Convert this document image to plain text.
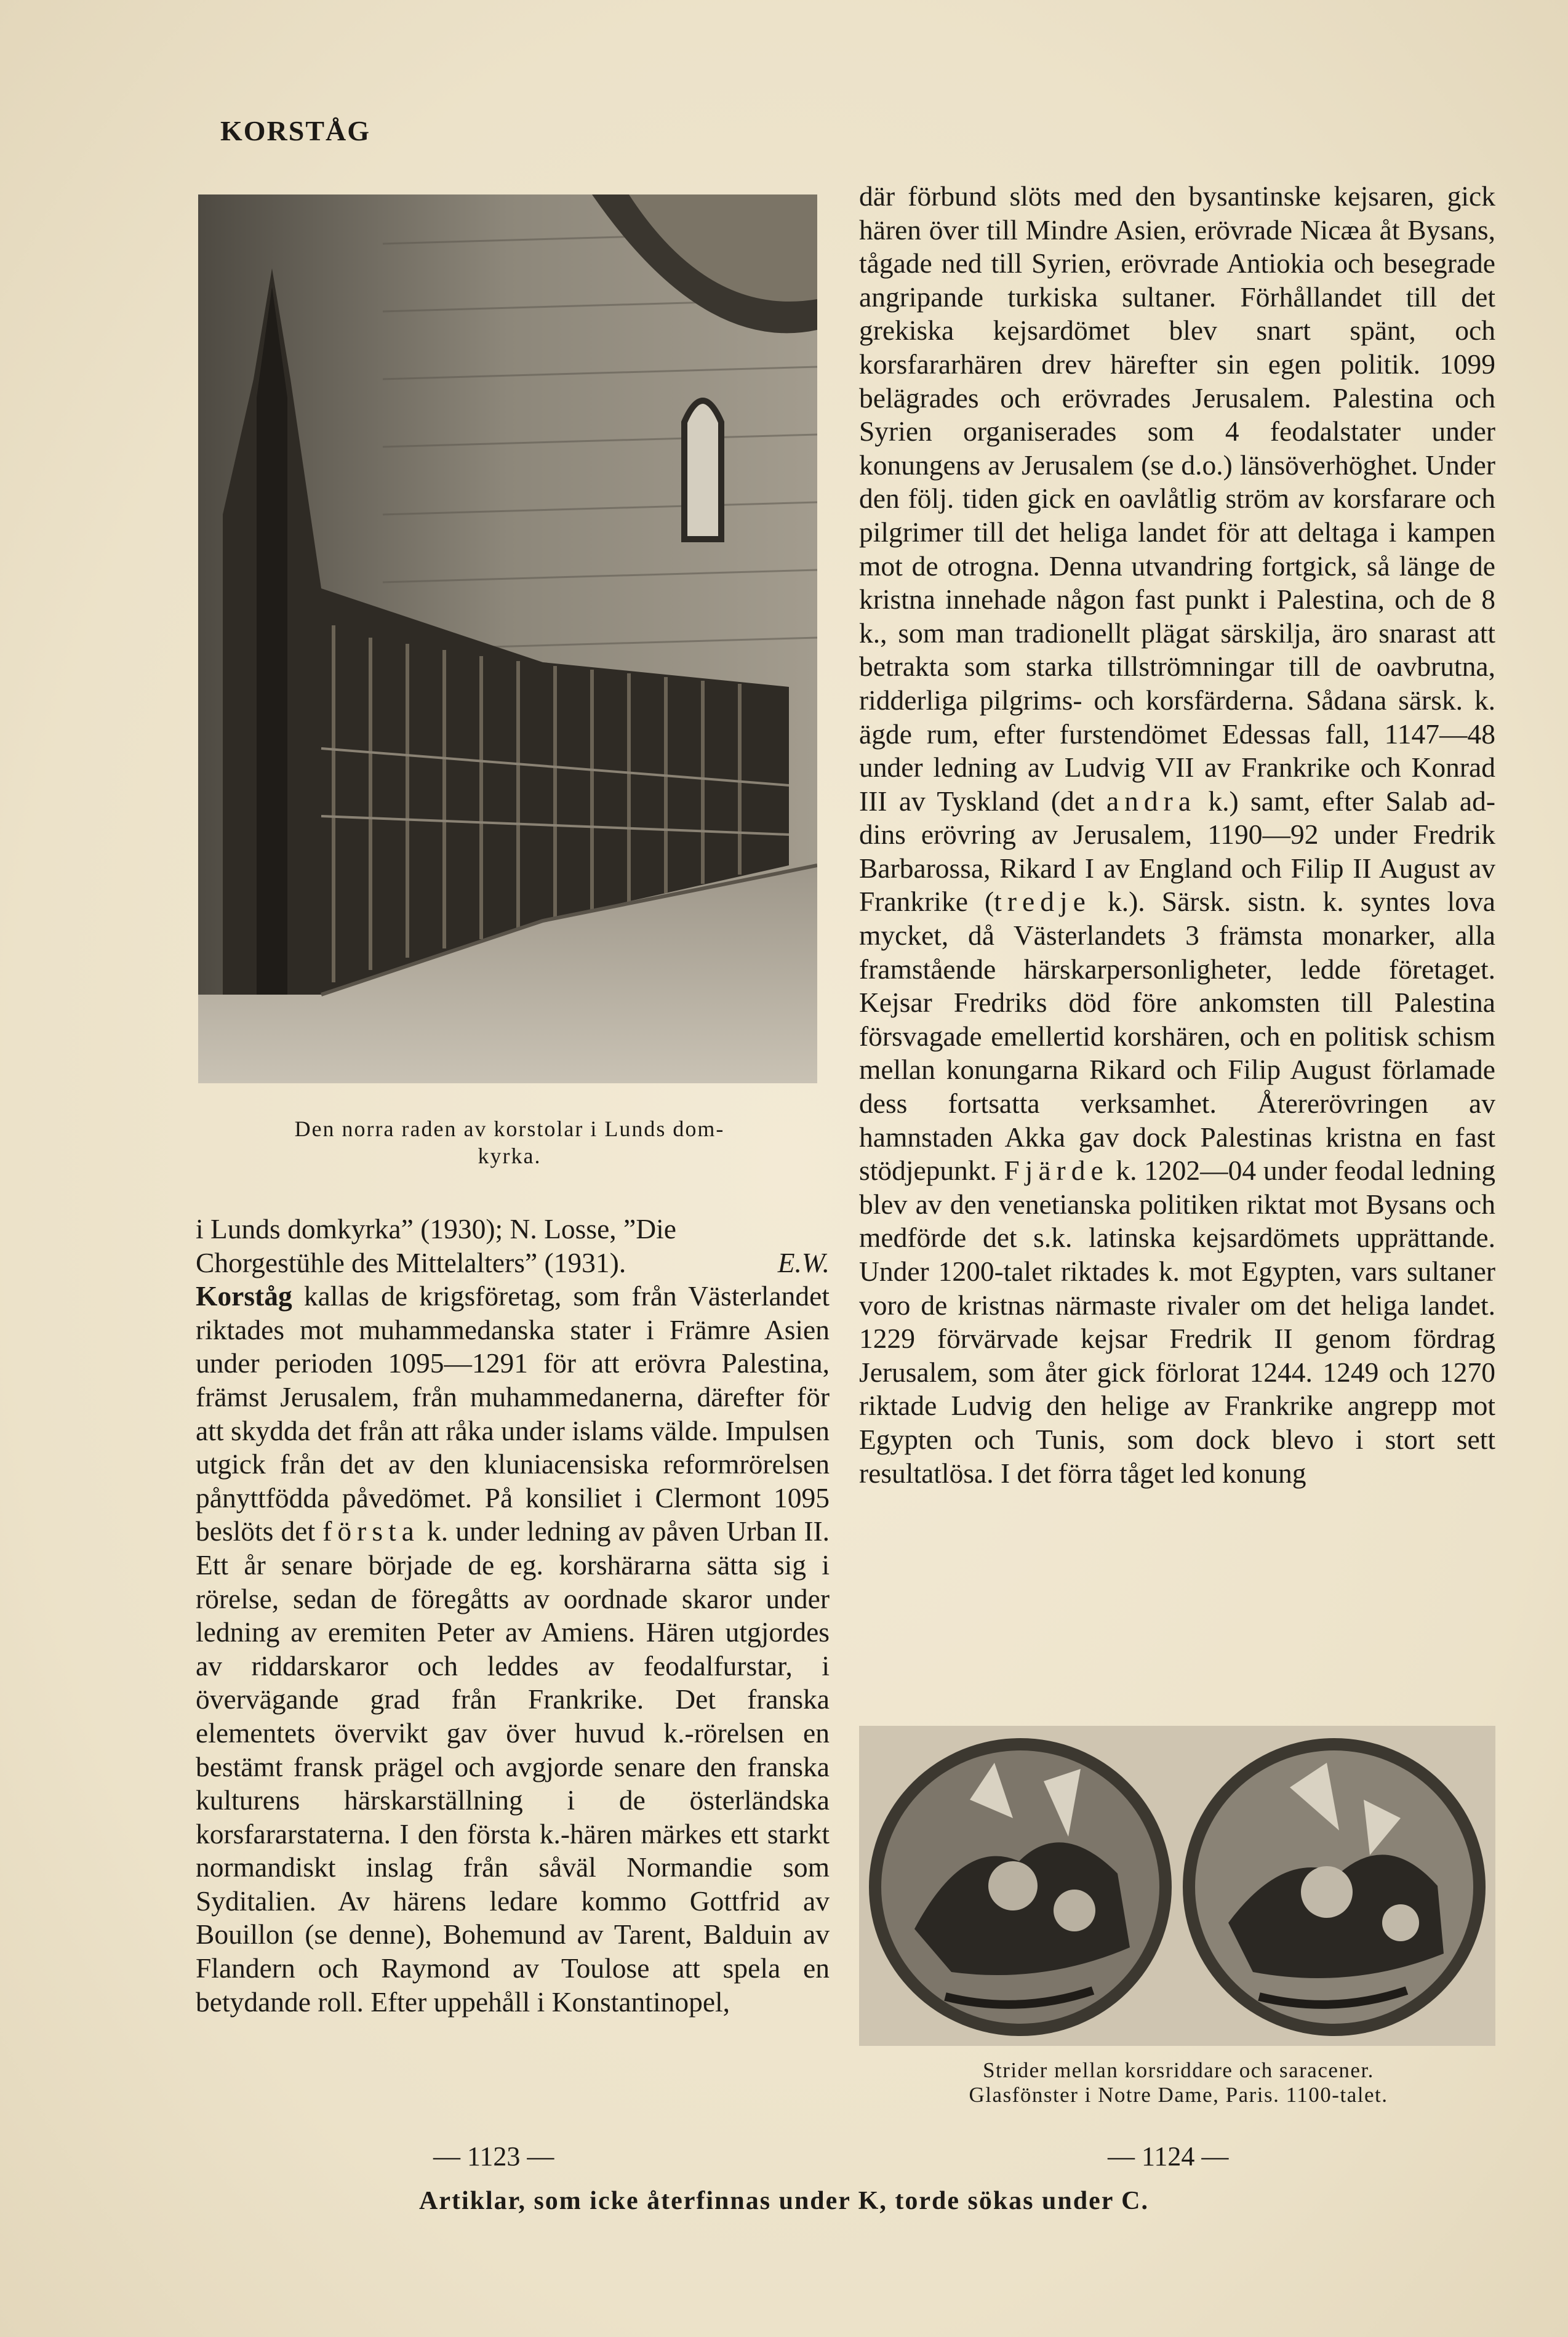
KORSTÅG
Den norra raden av korstolar i Lunds dom-
kyrka.

i Lunds domkyrka” (1930); N. Losse, ”Die

Chorgestühle des Mittelalters” (1931).	E.W.

Korståg kallas de krigsföretag, som från Västerlandet riktades mot muhammedanska stater i Främre Asien under perioden 1095—1291 för att erövra Palestina, främst Jerusalem, från muhammedanerna, därefter för att skydda det från att råka under islams välde. Impulsen utgick från det av den kluniacensiska reformrörelsen pånyttfödda påvedömet. På konsiliet i Clermont 1095 beslöts det första k. under ledning av påven Urban II. Ett år senare började de eg. korshärarna sätta sig i rörelse, sedan de föregåtts av oordnade skaror under ledning av eremiten Peter av Amiens. Hären utgjordes av riddarskaror och leddes av feodalfurstar, i övervägande grad från Frankrike. Det franska elementets övervikt gav över huvud k.-rörelsen en bestämt fransk prägel och avgjorde senare den franska kulturens härskarställning i de österländska korsfararstaterna. I den första k.-hären märkes ett starkt normandiskt inslag från såväl Normandie som Syditalien. Av härens ledare kommo Gottfrid av Bouillon (se denne), Bohemund av Tarent, Balduin av Flandern och Raymond av Toulose att spela en betydande roll. Efter uppehåll i Konstantinopel,

där förbund slöts med den bysantinske kejsaren, gick hären över till Mindre Asien, erövrade Nicæa åt Bysans, tågade ned till Syrien, erövrade Antiokia och besegrade angripande turkiska sultaner. Förhållandet till det grekiska kejsardömet blev snart spänt, och korsfararhären drev härefter sin egen politik. 1099 belägrades och erövrades Jerusalem. Palestina och Syrien organiserades som 4 feodalstater under konungens av Jerusalem (se d.o.) länsöverhöghet. Under den följ. tiden gick en oavlåtlig ström av korsfarare och pilgrimer till det heliga landet för att deltaga i kampen mot de otrogna. Denna utvandring fortgick, så länge de kristna innehade någon fast punkt i Palestina, och de 8 k., som man tradionellt plägat särskilja, äro snarast att betrakta som starka tillströmningar till de oavbrutna, ridderliga pilgrims- och korsfärderna. Sådana särsk. k. ägde rum, efter furstendömet Edessas fall, 1147—48 under ledning av Ludvig VII av Frankrike och Konrad III av Tyskland (det andra k.) samt, efter Salab ad-dins erövring av Jerusalem, 1190—92 under Fredrik Barbarossa, Rikard I av England och Filip II August av Frankrike (tredje k.). Särsk. sistn. k. syntes lova mycket, då Västerlandets 3 främsta monarker, alla framstående härskarpersonligheter, ledde företaget. Kejsar Fredriks död före ankomsten till Palestina försvagade emellertid korshären, och en politisk schism mellan konungarna Rikard och Filip August förlamade dess fortsatta verksamhet. Återerövringen av hamnstaden Akka gav dock Palestinas kristna en fast stödjepunkt. Fjärde k. 1202—04 under feodal ledning blev av den venetianska politiken riktat mot Bysans och medförde det s.k. latinska kejsardömets upprättande. Under 1200-talet riktades k. mot Egypten, vars sultaner voro de kristnas närmaste rivaler om det heliga landet. 1229 förvärvade kejsar Fredrik II genom fördrag Jerusalem, som åter gick förlorat 1244. 1249 och 1270 riktade Ludvig den helige av Frankrike angrepp mot Egypten och Tunis, som dock blevo i stort sett resultatlösa. I det förra tåget led konung

Strider mellan korsriddare och saracener.
Glasfönster i Notre Dame, Paris. 1100-talet.
— 1123 —	— 1124 —
Artiklar, som icke återfinnas under K, torde sökas under C.
